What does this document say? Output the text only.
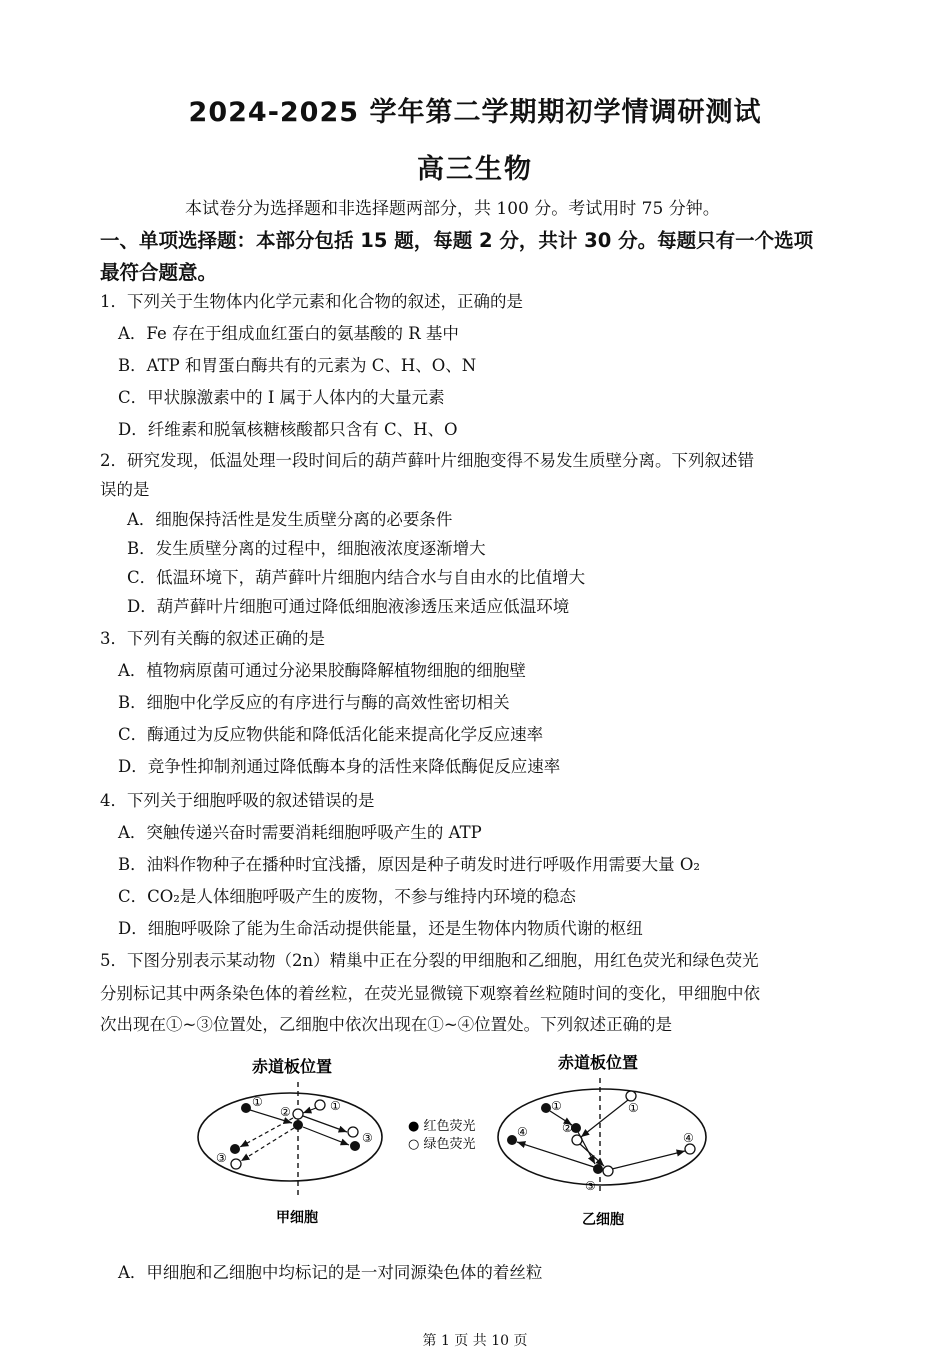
2024-2025 学年第二学期期初学情调研测试
高三生物
本试卷分为选择题和非选择题两部分，共 100 分。考试用时 75 分钟。
一、单项选择题：本部分包括 15 题，每题 2 分，共计 30 分。每题只有一个选项
最符合题意。
1．下列关于生物体内化学元素和化合物的叙述，正确的是
A．Fe 存在于组成血红蛋白的氨基酸的 R 基中
B．ATP 和胃蛋白酶共有的元素为 C、H、O、N
C．甲状腺激素中的 I 属于人体内的大量元素
D．纤维素和脱氧核糖核酸都只含有 C、H、O
2．研究发现，低温处理一段时间后的葫芦藓叶片细胞变得不易发生质壁分离。下列叙述错
误的是
A．细胞保持活性是发生质壁分离的必要条件
B．发生质壁分离的过程中，细胞液浓度逐渐增大
C．低温环境下，葫芦藓叶片细胞内结合水与自由水的比值增大
D．葫芦藓叶片细胞可通过降低细胞液渗透压来适应低温环境
3．下列有关酶的叙述正确的是
A．植物病原菌可通过分泌果胶酶降解植物细胞的细胞壁
B．细胞中化学反应的有序进行与酶的高效性密切相关
C．酶通过为反应物供能和降低活化能来提高化学反应速率
D．竞争性抑制剂通过降低酶本身的活性来降低酶促反应速率
4．下列关于细胞呼吸的叙述错误的是
A．突触传递兴奋时需要消耗细胞呼吸产生的 ATP
B．油料作物种子在播种时宜浅播，原因是种子萌发时进行呼吸作用需要大量 O₂
C．CO₂是人体细胞呼吸产生的废物，不参与维持内环境的稳态
D．细胞呼吸除了能为生命活动提供能量，还是生物体内物质代谢的枢纽
5．下图分别表示某动物（2n）精巢中正在分裂的甲细胞和乙细胞，用红色荧光和绿色荧光
分别标记其中两条染色体的着丝粒，在荧光显微镜下观察着丝粒随时间的变化，甲细胞中依
次出现在①~③位置处，乙细胞中依次出现在①~④位置处。下列叙述正确的是
赤道板位置
①
②	①
③
③
甲细胞
● 红色荧光
○ 绿色荧光
赤道板位置
①	①
②
④	④
③
乙细胞
A．甲细胞和乙细胞中均标记的是一对同源染色体的着丝粒
第 1 页 共 10 页
